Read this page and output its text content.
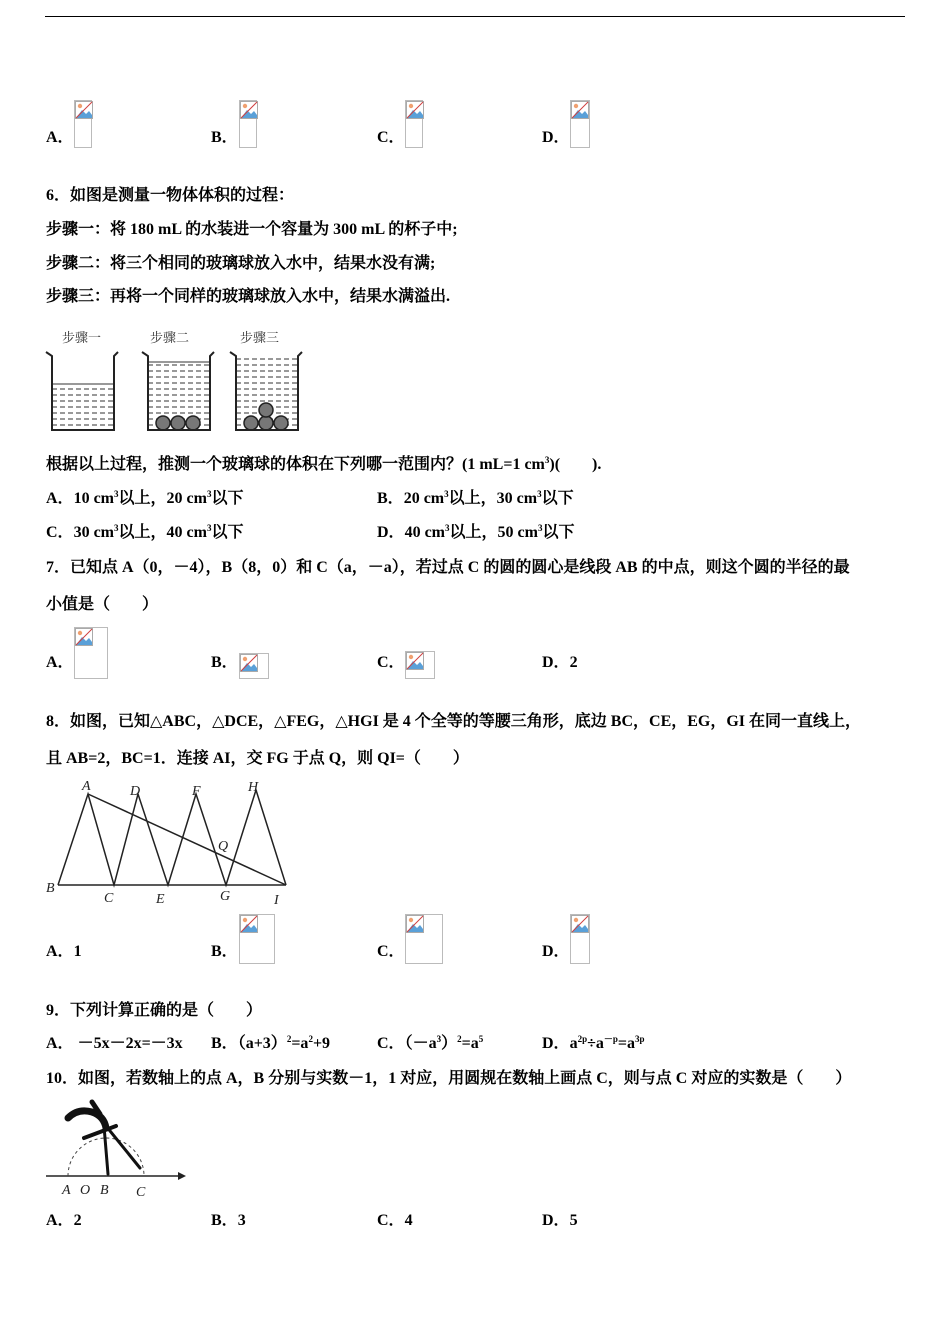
A．	B．	C．	D．
6．如图是测量一物体体积的过程：
步骤一：将 180 mL 的水装进一个容量为 300 mL 的杯子中;
步骤二：将三个相同的玻璃球放入水中，结果水没有满;
步骤三：再将一个同样的玻璃球放入水中，结果水满溢出.
步骤一	步骤二	步骤三
根据以上过程，推测一个玻璃球的体积在下列哪一范围内？(1 mL=1 $cm^3$)(　　).
A．10 $cm^3$以上，20 $cm^3$以下	B．20 $cm^3$以上，30 $cm^3$以下
C．30 $cm^3$以上，40 $cm^3$以下	D．40 $cm^3$以上，50 $cm^3$以下
7．已知点 A（0，－4），B（8，0）和 C（a，－a），若过点 C 的圆的圆心是线段 AB 的中点，则这个圆的半径的最
小值是（　　）
A．	B．	C．	D．2
8．如图，已知△ABC，△DCE，△FEG，△HGI 是 4 个全等的等腰三角形，底边 BC，CE，EG，GI 在同一直线上，
且 AB=2，BC=1．连接 AI，交 FG 于点 Q，则 QI=（　　）
A	D	F	H
Q
B
C	E	G	I
A．1	B．	C．	D．
9．下列计算正确的是（　　）
A． －5x－2x=－3x B．$(a+3)^2=a^2+9$	C．$(-a^3)^2=a^5$	D．$a^{2p}\div a^{-p}=a^{3p}$
10．如图，若数轴上的点 A，B 分别与实数－1，1 对应，用圆规在数轴上画点 C，则与点 C 对应的实数是（　　）
A O B C
A．2	B．3	C．4	D．5
